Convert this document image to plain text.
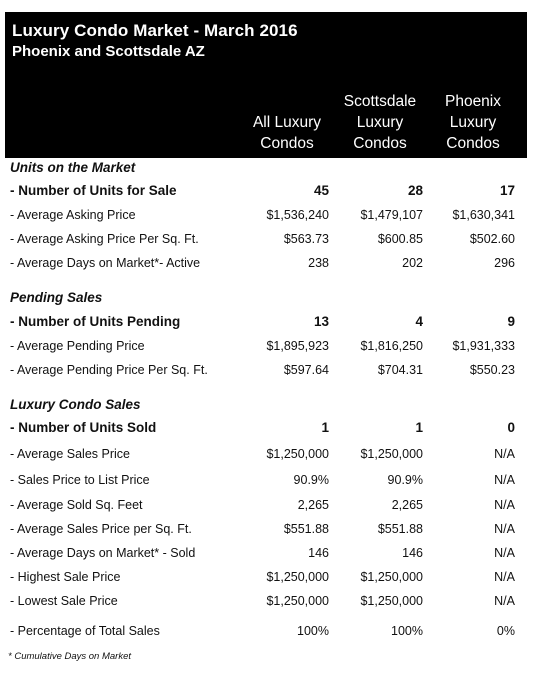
Luxury Condo Market - March 2016
Phoenix and Scottsdale AZ
All Luxury
Condos
Scottsdale
Luxury
Condos
Phoenix
Luxury
Condos
Units on the Market
- Number of Units for Sale	45	28	17
- Average Asking Price	$1,536,240	$1,479,107 $1,630,341
- Average Asking Price Per Sq. Ft.	$563.73	$600.85	$502.60
- Average Days on Market*- Active	238	202	296
Pending Sales
- Number of Units Pending	13	4	9
- Average Pending Price	$1,895,923	$1,816,250 $1,931,333
- Average Pending Price Per Sq. Ft.	$597.64	$704.31	$550.23
Luxury Condo Sales
- Number of Units Sold	1	1	0
- Average Sales Price	$1,250,000	$1,250,000	N/A
- Sales Price to List Price	90.9%	90.9%	N/A
- Average Sold Sq. Feet	2,265	2,265	N/A
- Average Sales Price per Sq. Ft.	$551.88	$551.88	N/A
- Average Days on Market* - Sold	146	146	N/A
- Highest Sale Price	$1,250,000	$1,250,000	N/A
- Lowest Sale Price	$1,250,000	$1,250,000	N/A
- Percentage of Total Sales	100%	100%	0%
* Cumulative Days on Market
